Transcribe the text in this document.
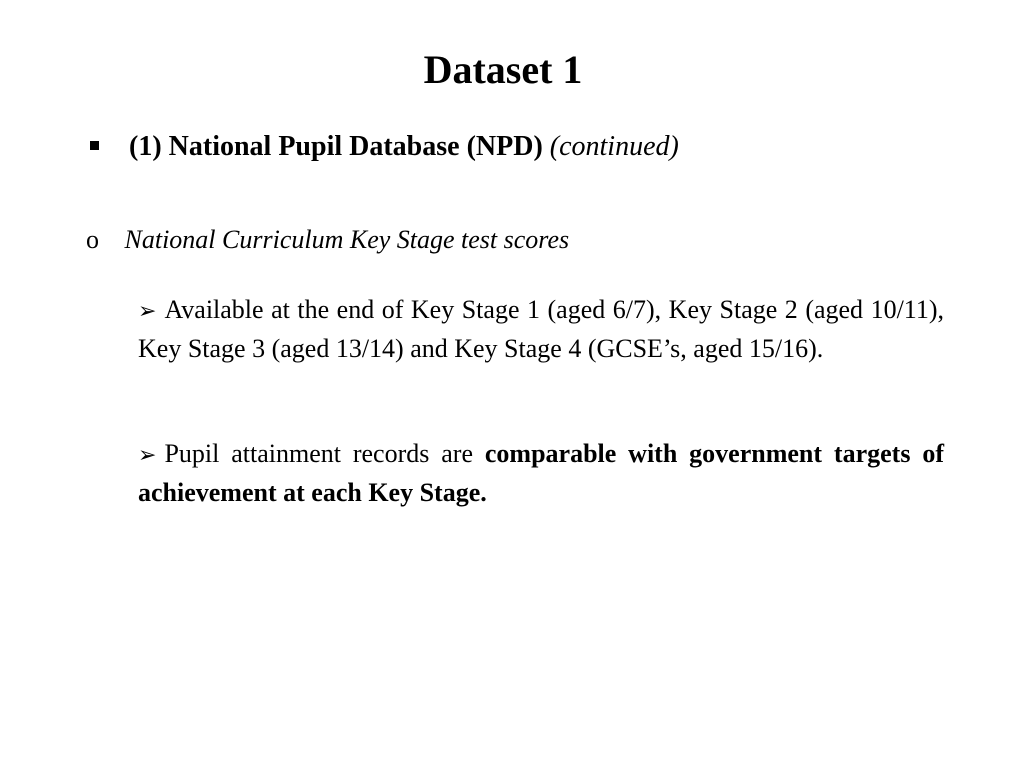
Dataset 1
(1) National Pupil Database (NPD) (continued)
o National Curriculum Key Stage test scores
➢ Available at the end of Key Stage 1 (aged 6/7), Key Stage 2 (aged 10/11), Key Stage 3 (aged 13/14) and Key Stage 4 (GCSE’s, aged 15/16).
➢ Pupil attainment records are comparable with government targets of achievement at each Key Stage.
